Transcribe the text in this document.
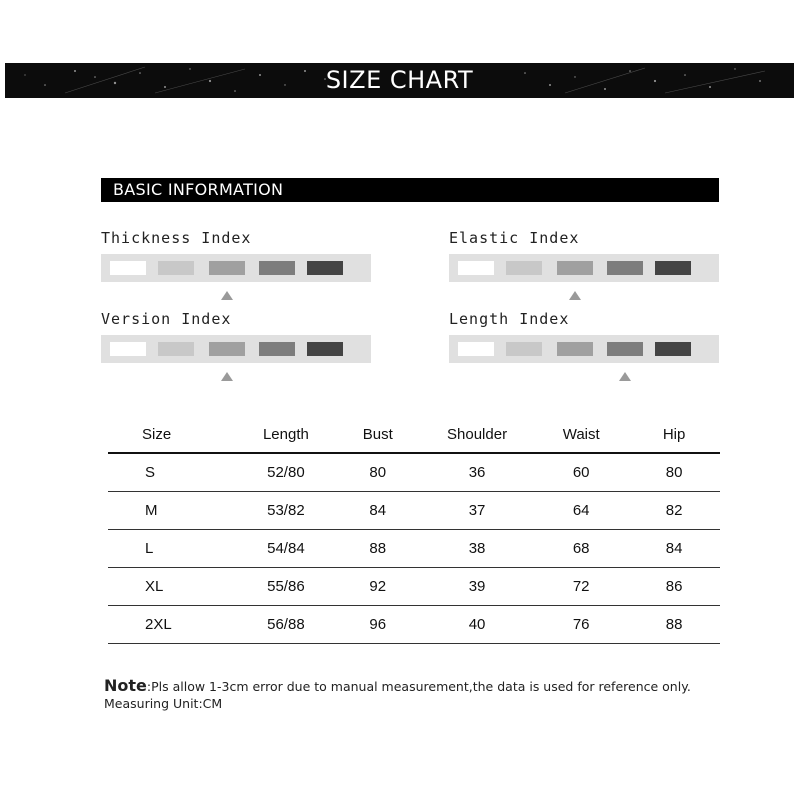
SIZE CHART
BASIC INFORMATION
Thickness Index	Elastic Index
Version Index	Length Index
Size	Length	Bust	Shoulder	Waist	Hip
S	52/80	80	36	60	80
M	53/82	84	37	64	82
L	54/84	88	38	68	84
XL	55/86	92	39	72	86
2XL	56/88	96	40	76	88
Note:Pls allow 1-3cm error due to manual measurement,the data is used for reference only.
Measuring Unit:CM
